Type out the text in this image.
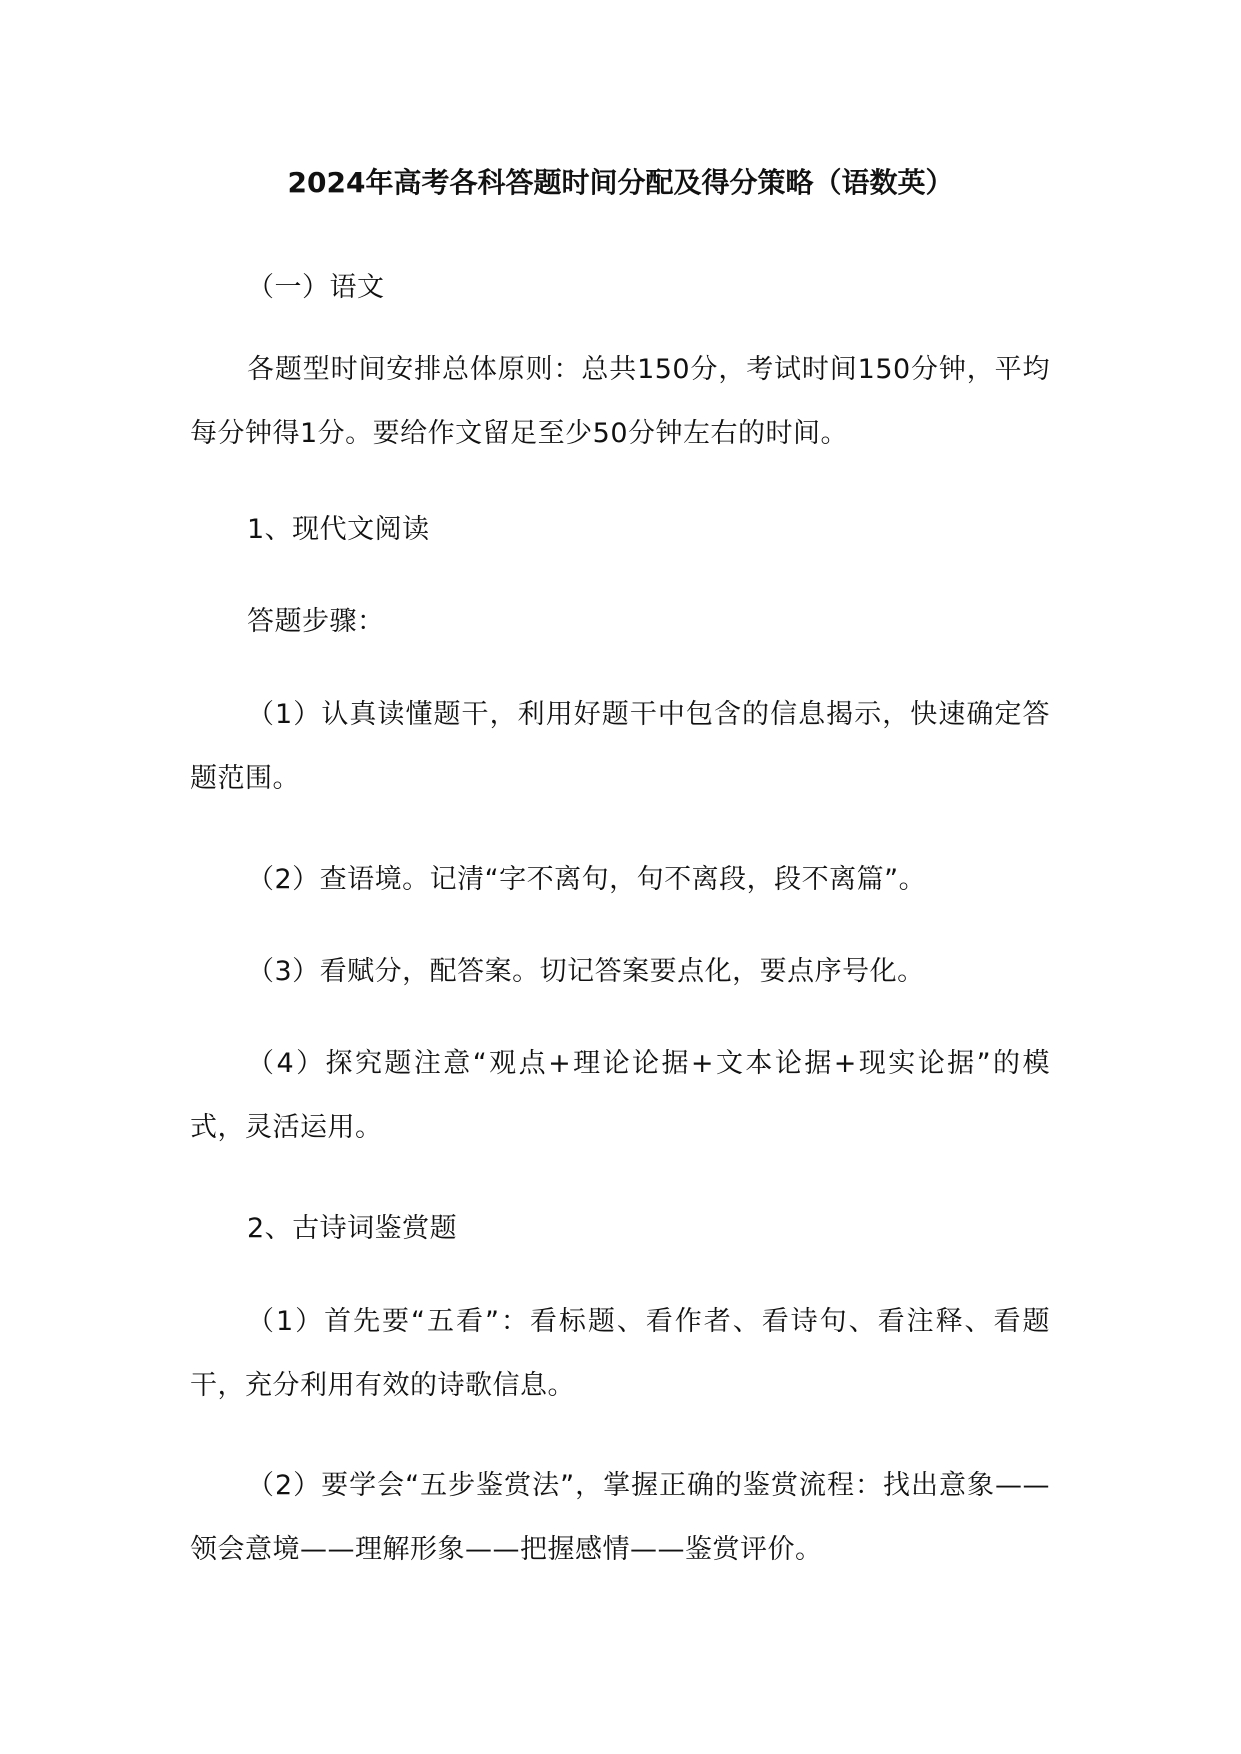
2024年高考各科答题时间分配及得分策略（语数英）

（一）语文

各题型时间安排总体原则：总共150分，考试时间150分钟，平均每分钟得1分。要给作文留足至少50分钟左右的时间。

1、现代文阅读

答题步骤：

（1）认真读懂题干，利用好题干中包含的信息揭示，快速确定答题范围。

（2）查语境。记清“字不离句，句不离段，段不离篇”。

（3）看赋分，配答案。切记答案要点化，要点序号化。

（4）探究题注意“观点+理论论据+文本论据+现实论据”的模式，灵活运用。

2、古诗词鉴赏题

（1）首先要“五看”：看标题、看作者、看诗句、看注释、看题干，充分利用有效的诗歌信息。

（2）要学会“五步鉴赏法”，掌握正确的鉴赏流程：找出意象——领会意境——理解形象——把握感情——鉴赏评价。
